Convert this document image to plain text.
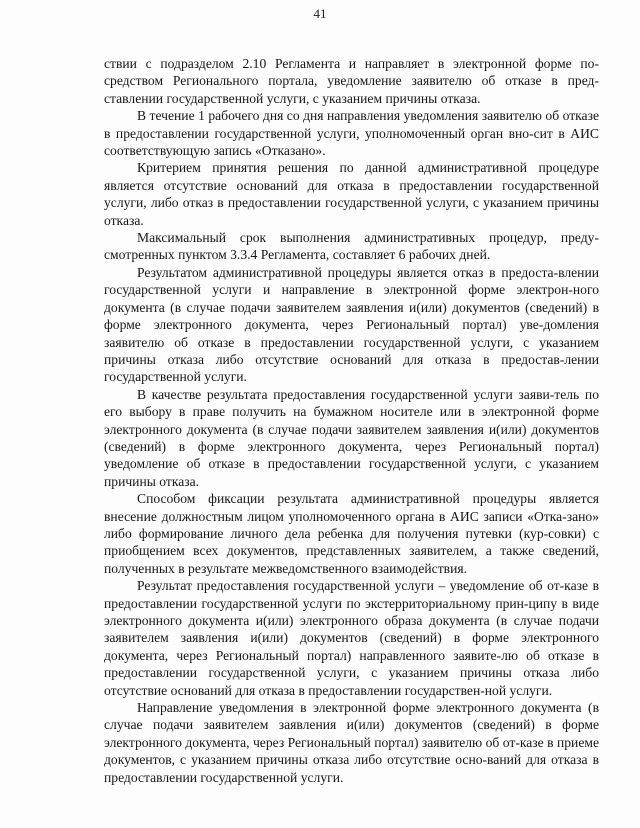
41

ствии с подразделом 2.10 Регламента и направляет в электронной форме по-средством Регионального портала, уведомление заявителю об отказе в пред-ставлении государственной услуги, с указанием причины отказа.

В течение 1 рабочего дня со дня направления уведомления заявителю об отказе в предоставлении государственной услуги, уполномоченный орган вно-сит в АИС соответствующую запись «Отказано».

Критерием принятия решения по данной административной процедуре является отсутствие оснований для отказа в предоставлении государственной услуги, либо отказ в предоставлении государственной услуги, с указанием причины отказа.

Максимальный срок выполнения административных процедур, преду-смотренных пунктом 3.3.4 Регламента, составляет 6 рабочих дней.

Результатом административной процедуры является отказ в предоста-влении государственной услуги и направление в электронной форме электрон-ного документа (в случае подачи заявителем заявления и(или) документов (сведений) в форме электронного документа, через Региональный портал) уве-домления заявителю об отказе в предоставлении государственной услуги, с указанием причины отказа либо отсутствие оснований для отказа в предостав-лении государственной услуги.

В качестве результата предоставления государственной услуги заяви-тель по его выбору в праве получить на бумажном носителе или в электронной форме электронного документа (в случае подачи заявителем заявления и(или) документов (сведений) в форме электронного документа, через Региональный портал) уведомление об отказе в предоставлении государственной услуги, с указанием причины отказа.

Способом фиксации результата административной процедуры является внесение должностным лицом уполномоченного органа в АИС записи «Отка-зано» либо формирование личного дела ребенка для получения путевки (кур-совки) с приобщением всех документов, представленных заявителем, а также сведений, полученных в результате межведомственного взаимодействия.

Результат предоставления государственной услуги – уведомление об от-казе в предоставлении государственной услуги по экстерриториальному прин-ципу в виде электронного документа и(или) электронного образа документа (в случае подачи заявителем заявления и(или) документов (сведений) в форме электронного документа, через Региональный портал) направленного заявите-лю об отказе в предоставлении государственной услуги, с указанием причины отказа либо отсутствие оснований для отказа в предоставлении государствен-ной услуги.

Направление уведомления в электронной форме электронного документа (в случае подачи заявителем заявления и(или) документов (сведений) в форме электронного документа, через Региональный портал) заявителю об от-казе в приеме документов, с указанием причины отказа либо отсутствие осно-ваний для отказа в предоставлении государственной услуги.
